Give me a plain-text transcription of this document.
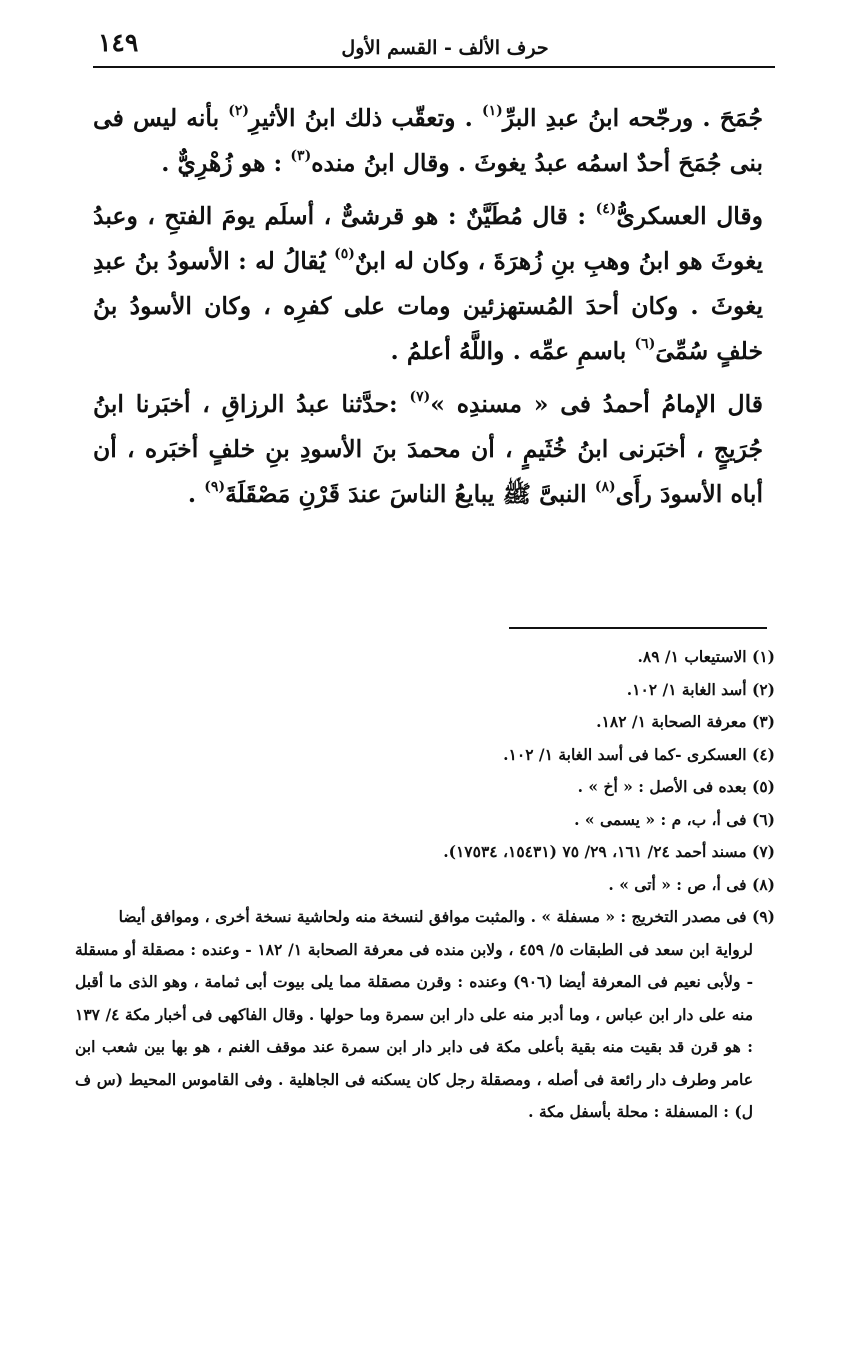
١٤٩	حرف الألف - القسم الأول

جُمَحَ . ورجّحه ابنُ عبدِ البرِّ$^{(١)}$ . وتعقّب ذلك ابنُ الأثيرِ$^{(٢)}$ بأنه ليس فى بنى جُمَحَ أحدٌ اسمُه عبدُ يغوثَ . وقال ابنُ منده$^{(٣)}$ : هو زُهْرِيٌّ .

وقال العسكرىُّ$^{(٤)}$ : قال مُطَيَّنٌ : هو قرشىٌّ ، أسلَم يومَ الفتحِ ، وعبدُ يغوثَ هو ابنُ وهبِ بنِ زُهرَةَ ، وكان له ابنٌ$^{(٥)}$ يُقالُ له : الأسودُ بنُ عبدِ يغوثَ . وكان أحدَ المُستهزئين ومات على كفرِه ، وكان الأسودُ بنُ خلفٍ سُمِّىَ$^{(٦)}$ باسمِ عمِّه . واللَّهُ أعلمُ .

قال الإمامُ أحمدُ فى « مسندِه »$^{(٧)}$ :حدَّثنا عبدُ الرزاقِ ، أخبَرنا ابنُ جُرَيجٍ ، أخبَرنى ابنُ خُثَيمٍ ، أن محمدَ بنَ الأسودِ بنِ خلفٍ أخبَره ، أن أباه الأسودَ رأَى$^{(٨)}$ النبىَّ ﷺ يبايعُ الناسَ عندَ قَرْنِ مَصْقَلَةَ$^{(٩)}$ .

(١) الاستيعاب ١/ ٨٩.

(٢) أسد الغابة ١/ ١٠٢.

(٣) معرفة الصحابة ١/ ١٨٢.

(٤) العسكرى -كما فى أسد الغابة ١/ ١٠٢.

(٥) بعده فى الأصل : « أخ » .

(٦) فى أ، ب، م : « يسمى » .

(٧) مسند أحمد ٢٤/ ١٦١، ٢٩/ ٧٥ (١٥٤٣١، ١٧٥٣٤).

(٨) فى أ، ص : « أتى » .

(٩) فى مصدر التخريج : « مسفلة » . والمثبت موافق لنسخة منه ولحاشية نسخة أخرى ، وموافق أيضا

لرواية ابن سعد فى الطبقات ٥/ ٤٥٩ ، ولابن منده فى معرفة الصحابة ١/ ١٨٢ - وعنده : مصقلة أو مسقلة - ولأبى نعيم فى المعرفة أيضا (٩٠٦) وعنده : وقرن مصقلة مما يلى بيوت أبى ثمامة ، وهو الذى ما أقبل منه على دار ابن عباس ، وما أدبر منه على دار ابن سمرة وما حولها . وقال الفاكهى فى أخبار مكة ٤/ ١٣٧ : هو قرن قد بقيت منه بقية بأعلى مكة فى دابر دار ابن سمرة عند موقف الغنم ، هو بها بين شعب ابن عامر وطرف دار رائعة فى أصله ، ومصقلة رجل كان يسكنه فى الجاهلية . وفى القاموس المحيط (س ف ل) : المسفلة : محلة بأسفل مكة .
